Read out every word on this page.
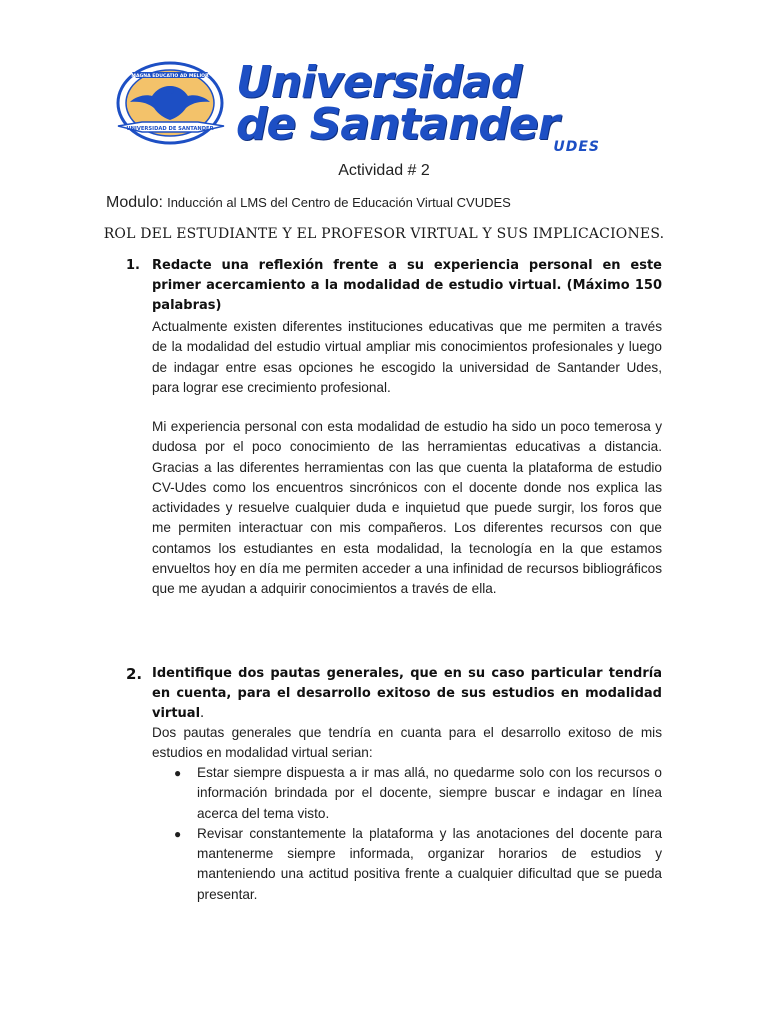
UNIVERSIDAD DE SANTANDER
MAGNA EDUCATIO AD MELIOR Universidad
de Santander
UDES
Actividad # 2
Modulo: Inducción al LMS del Centro de Educación Virtual CVUDES
ROL DEL ESTUDIANTE Y EL PROFESOR VIRTUAL Y SUS IMPLICACIONES.
1. Redacte una reflexión frente a su experiencia personal en este primer acercamiento a la modalidad de estudio virtual. (Máximo 150 palabras)
Actualmente existen diferentes instituciones educativas que me permiten a través de la modalidad del estudio virtual ampliar mis conocimientos profesionales y luego de indagar entre esas opciones he escogido la universidad de Santander Udes, para lograr ese crecimiento profesional.
Mi experiencia personal con esta modalidad de estudio ha sido un poco temerosa y dudosa por el poco conocimiento de las herramientas educativas a distancia. Gracias a las diferentes herramientas con las que cuenta la plataforma de estudio CV-Udes como los encuentros sincrónicos con el docente donde nos explica las actividades y resuelve cualquier duda e inquietud que puede surgir, los foros que me permiten interactuar con mis compañeros. Los diferentes recursos con que contamos los estudiantes en esta modalidad, la tecnología en la que estamos envueltos hoy en día me permiten acceder a una infinidad de recursos bibliográficos que me ayudan a adquirir conocimientos a través de ella.
2. Identifique dos pautas generales, que en su caso particular tendría en cuenta, para el desarrollo exitoso de sus estudios en modalidad virtual.
Dos pautas generales que tendría en cuanta para el desarrollo exitoso de mis estudios en modalidad virtual serian:
● Estar siempre dispuesta a ir mas allá, no quedarme solo con los recursos o información brindada por el docente, siempre buscar e indagar en línea acerca del tema visto.
● Revisar constantemente la plataforma y las anotaciones del docente para mantenerme siempre informada, organizar horarios de estudios y manteniendo una actitud positiva frente a cualquier dificultad que se pueda presentar.
